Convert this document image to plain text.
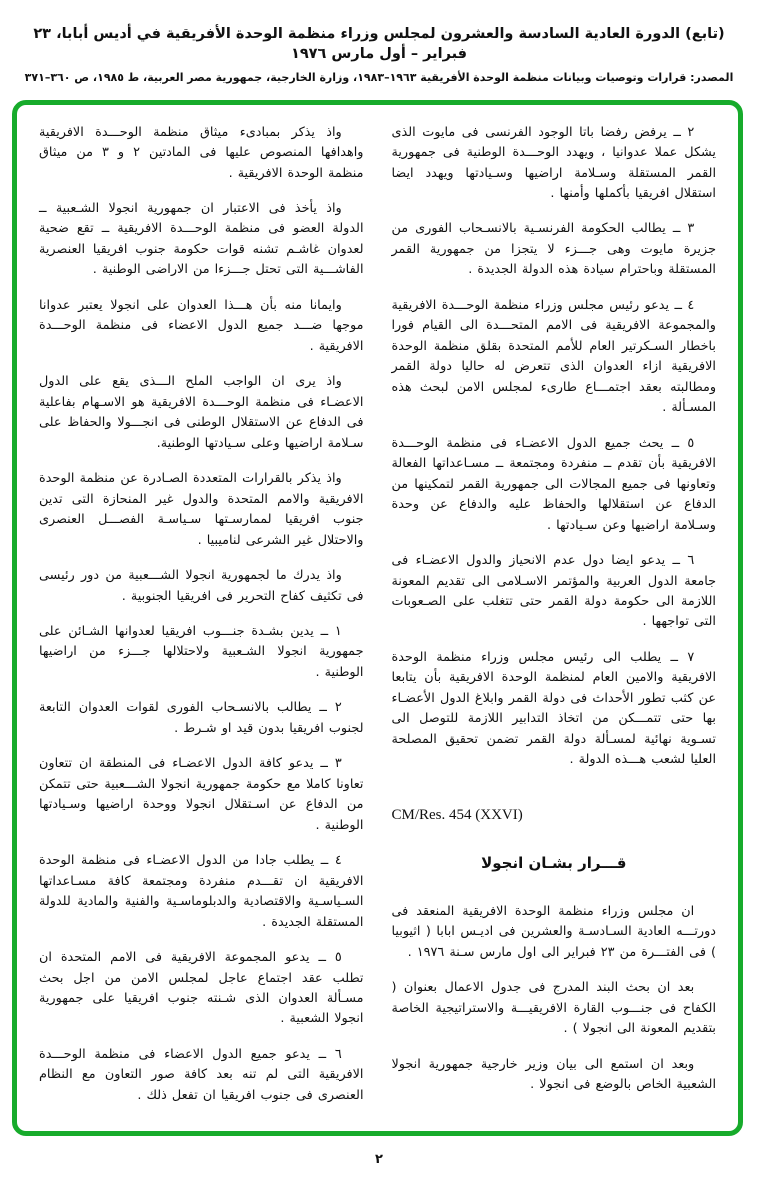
(تابع) الدورة العادية السادسة والعشرون لمجلس وزراء منظمة الوحدة الأفريقية في أديس أبابا، ٢٣ فبراير – أول مارس ١٩٧٦
المصدر: قرارات وتوصيات وبيانات منظمة الوحدة الأفريقية ١٩٦٣–١٩٨٣، وزارة الخارجية، جمهورية مصر العربية، ط ١٩٨٥، ص ٣٦٠–٣٧١

٢ ــ يرفض رفضا باتا الوجود الفرنسى فى مايوت الذى يشكل عملا عدوانيا ، ويهدد الوحـــدة الوطنية فى جمهورية القمر المستقلة وسـلامة اراضيها وسـيادتها ويهدد ايضا استقلال افريقيا بأكملها وأمنها .

٣ ــ يطالب الحكومة الفرنسـية بالانسـحاب الفورى من جزيرة مايوت وهى جـــزء لا يتجزا من جمهورية القمر المستقلة وباحترام سيادة هذه الدولة الجديدة .

٤ ــ يدعو رئيس مجلس وزراء منظمة الوحـــدة الافريقية والمجموعة الافريقية فى الامم المتحـــدة الى القيام فورا باخطار السـكرتير العام للأمم المتحدة بقلق منظمة الوحدة الافريقية ازاء العدوان الذى تتعرض له حاليا دولة القمر ومطالبته بعقد اجتمـــاع طارىء لمجلس الامن لبحث هذه المسـألة .

٥ ــ يحث جميع الدول الاعضـاء فى منظمة الوحـــدة الافريقية بأن تقدم ــ منفردة ومجتمعة ــ مسـاعداتها الفعالة وتعاونها فى جميع المجالات الى جمهورية القمر لتمكينها من الدفاع عن استقلالها والحفاظ عليه والدفاع عن وحدة وسـلامة اراضيها وعن سـيادتها .

٦ ــ يدعو ايضا دول عدم الانحياز والدول الاعضـاء فى جامعة الدول العربية والمؤتمر الاسـلامى الى تقديم المعونة اللازمة الى حكومة دولة القمر حتى تتغلب على الصـعوبات التى تواجهها .

٧ ــ يطلب الى رئيس مجلس وزراء منظمة الوحدة الافريقية والامين العام لمنظمة الوحدة الافريقية بأن يتابعا عن كثب تطور الأحداث فى دولة القمر وابلاغ الدول الأعضـاء بها حتى تتمـــكن من اتخاذ التدابير اللازمة للتوصل الى تسـوية نهائية لمسـألة دولة القمر تضمن تحقيق المصلحة العليا لشعب هـــذه الدولة .

CM/Res. 454 (XXVI)
قـــرار بشـان انجولا

ان مجلس وزراء منظمة الوحدة الافريقية المنعقد فى دورتـــه العادية السـادسـة والعشرين فى اديـس ابابا ( اثيوبيا ) فى الفتـــرة من ٢٣ فبراير الى اول مارس سـنة ١٩٧٦ .

بعد ان بحث البند المدرج فى جدول الاعمال بعنوان ( الكفاح فى جنـــوب القارة الافريقيـــة والاستراتيجية الخاصة بتقديم المعونة الى انجولا ) .

وبعد ان استمع الى بيان وزير خارجية جمهورية انجولا الشعبية الخاص بالوضع فى انجولا .

واذ يذكر بمبادىء ميثاق منظمة الوحـــدة الافريقية واهدافها المنصوص عليها فى المادتين ٢ و ٣ من ميثاق منظمة الوحدة الافريقية .

واذ يأخذ فى الاعتبار ان جمهورية انجولا الشـعبية ــ الدولة العضو فى منظمة الوحـــدة الافريقية ــ تقع ضحية لعدوان غاشـم تشنه قوات حكومة جنوب افريقيا العنصرية الفاشـــية التى تحتل جـــزءا من الاراضى الوطنية .

وايمانا منه بأن هـــذا العدوان على انجولا يعتبر عدوانا موجها ضـــد جميع الدول الاعضاء فى منظمة الوحـــدة الافريقية .

واذ يرى ان الواجب الملح الـــذى يقع على الدول الاعضـاء فى منظمة الوحـــدة الافريقية هو الاسـهام بفاعلية فى الدفاع عن الاستقلال الوطنى فى انجـــولا والحفاظ على سـلامة اراضيها وعلى سـيادتها الوطنية.

واذ يذكر بالقرارات المتعددة الصـادرة عن منظمة الوحدة الافريقية والامم المتحدة والدول غير المنحازة التى تدين جنوب افريقيا لممارسـتها سـياسـة الفصـــل العنصرى والاحتلال غير الشرعى لناميبيا .

واذ يدرك ما لجمهورية انجولا الشـــعبية من دور رئيسى فى تكثيف كفاح التحرير فى افريقيا الجنوبية .

١ ــ يدين بشـدة جنـــوب افريقيا لعدوانها الشـائن على جمهورية انجولا الشـعبية ولاحتلالها جـــزء من اراضيها الوطنية .

٢ ــ يطالب بالانسـحاب الفورى لقوات العدوان التابعة لجنوب افريقيا بدون قيد او شـرط .

٣ ــ يدعو كافة الدول الاعضـاء فى المنطقة ان تتعاون تعاونا كاملا مع حكومة جمهورية انجولا الشـــعبية حتى تتمكن من الدفاع عن اسـتقلال انجولا ووحدة اراضيها وسـيادتها الوطنية .

٤ ــ يطلب جادا من الدول الاعضـاء فى منظمة الوحدة الافريقية ان تقـــدم منفردة ومجتمعة كافة مسـاعداتها السـياسـية والاقتصادية والدبلوماسـية والفنية والمادية للدولة المستقلة الجديدة .

٥ ــ يدعو المجموعة الافريقية فى الامم المتحدة ان تطلب عقد اجتماع عاجل لمجلس الامن من اجل بحث مسـألة العدوان الذى شـنته جنوب افريقيا على جمهورية انجولا الشعبية .

٦ ــ يدعو جميع الدول الاعضاء فى منظمة الوحـــدة الافريقية التى لم تنه بعد كافة صور التعاون مع النظام العنصرى فى جنوب افريقيا ان تفعل ذلك .

٢
